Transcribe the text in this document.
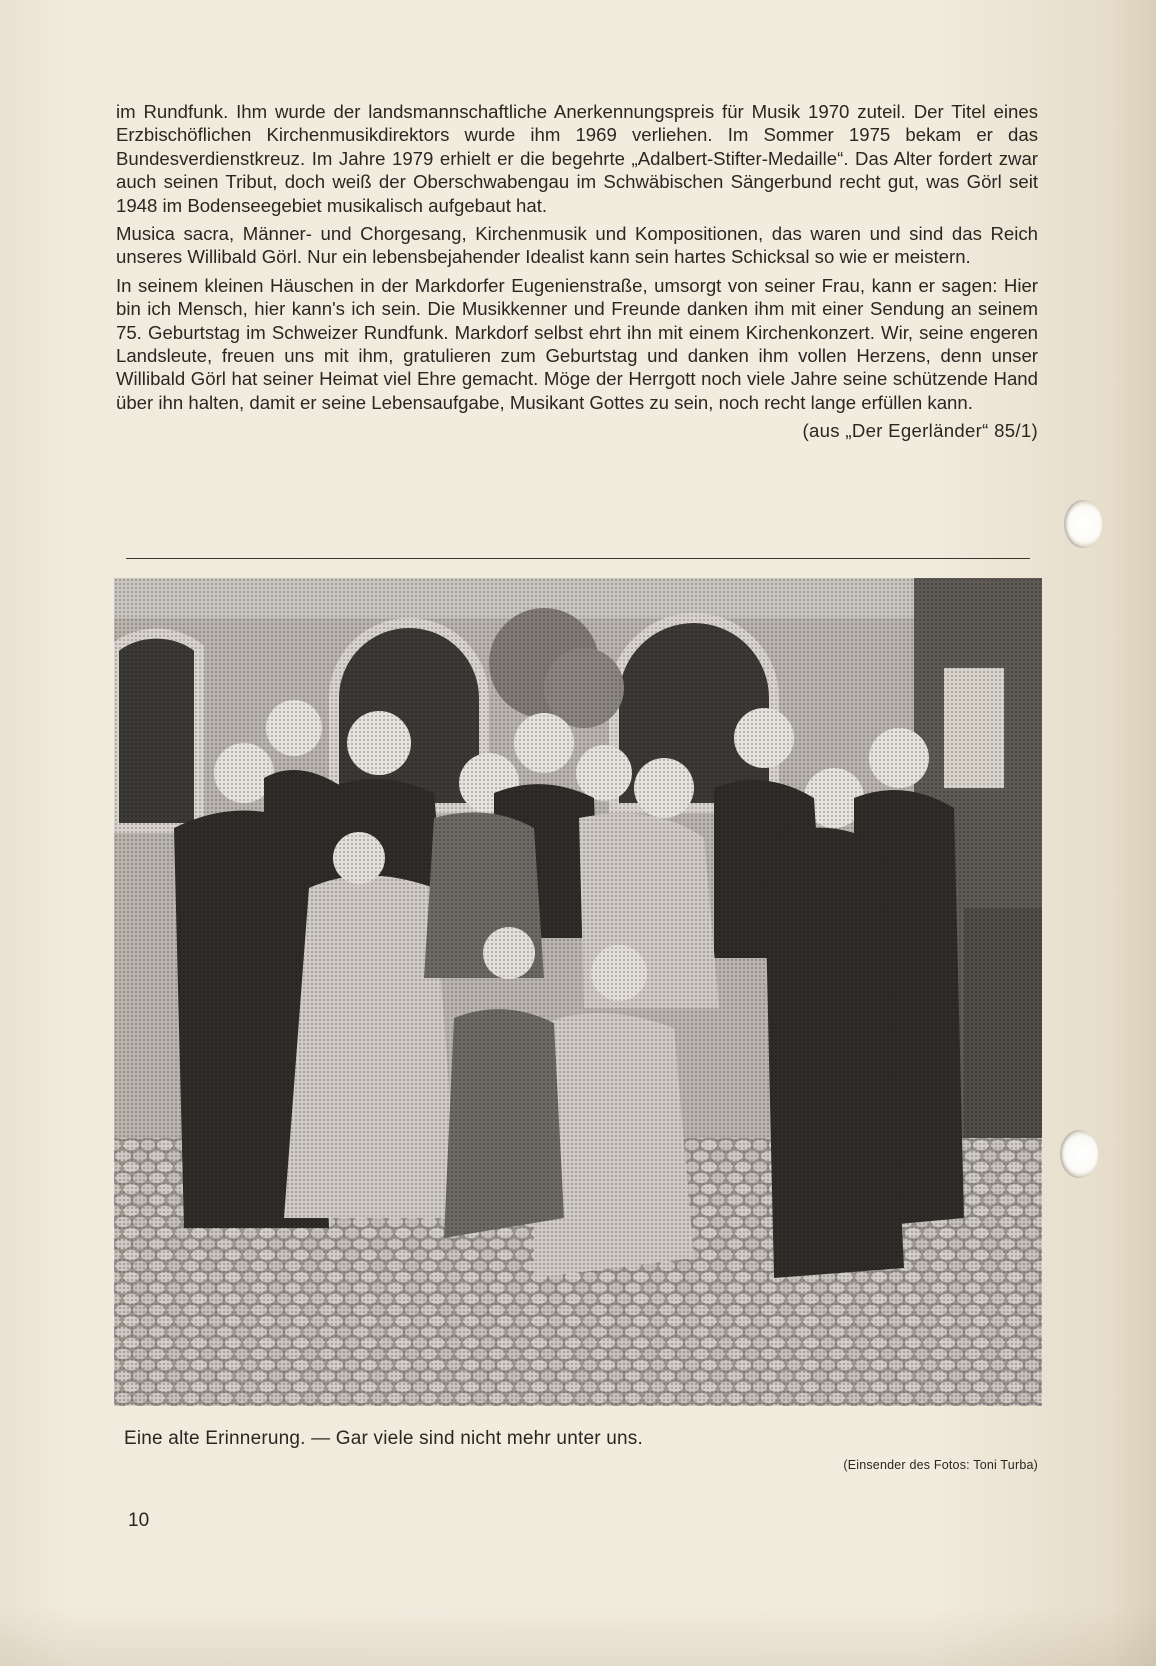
im Rundfunk. Ihm wurde der landsmannschaftliche Anerkennungspreis für Musik 1970 zuteil. Der Titel eines Erzbischöflichen Kirchenmusikdirektors wurde ihm 1969 verliehen. Im Sommer 1975 bekam er das Bundesverdienstkreuz. Im Jahre 1979 erhielt er die begehrte „Adalbert-Stifter-Medaille“. Das Alter fordert zwar auch seinen Tribut, doch weiß der Oberschwabengau im Schwäbischen Sängerbund recht gut, was Görl seit 1948 im Bodenseegebiet musikalisch aufgebaut hat.

Musica sacra, Männer- und Chorgesang, Kirchenmusik und Kompositionen, das waren und sind das Reich unseres Willibald Görl. Nur ein lebensbejahender Idealist kann sein hartes Schicksal so wie er meistern.

In seinem kleinen Häuschen in der Markdorfer Eugenienstraße, umsorgt von seiner Frau, kann er sagen: Hier bin ich Mensch, hier kann's ich sein. Die Musikkenner und Freunde danken ihm mit einer Sendung an seinem 75. Geburtstag im Schweizer Rundfunk. Markdorf selbst ehrt ihn mit einem Kirchenkonzert. Wir, seine engeren Landsleute, freuen uns mit ihm, gratulieren zum Geburtstag und danken ihm vollen Herzens, denn unser Willibald Görl hat seiner Heimat viel Ehre gemacht. Möge der Herrgott noch viele Jahre seine schützende Hand über ihn halten, damit er seine Lebensaufgabe, Musikant Gottes zu sein, noch recht lange erfüllen kann.

(aus „Der Egerländer“ 85/1)

Eine alte Erinnerung. — Gar viele sind nicht mehr unter uns.

(Einsender des Fotos: Toni Turba)

10
